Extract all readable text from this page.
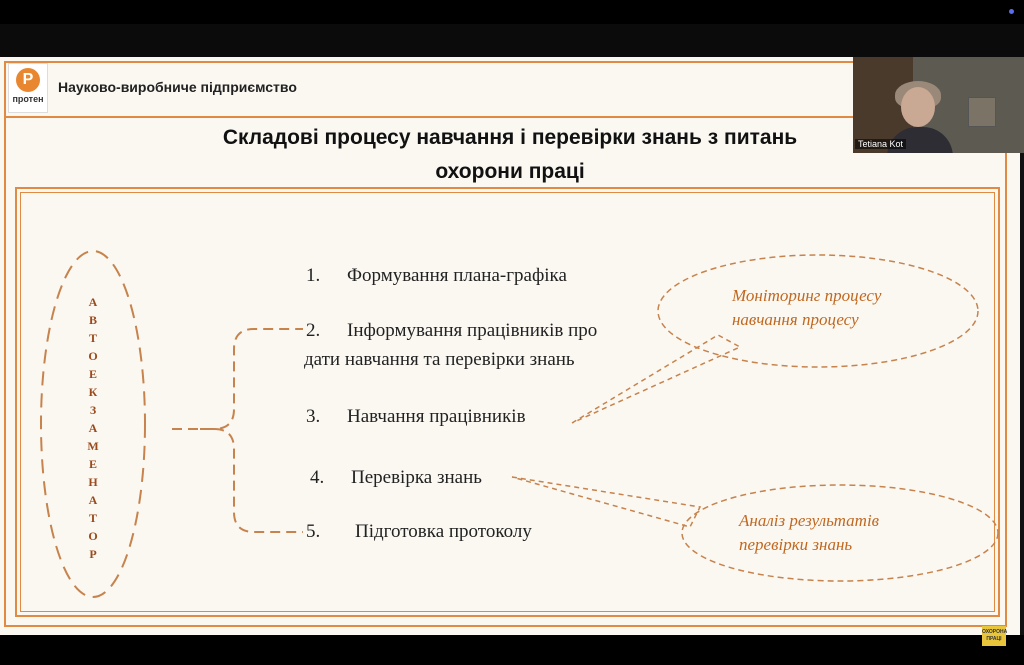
P
протен
Науково-виробниче підприємство
Складові процесу навчання і перевірки знань з питань
охорони праці
А
В
Т
О
Е
К
З
А
М
Е
Н
А
Т
О
Р
1. Формування плана-графіка
2. Інформування працівників про
дати навчання та перевірки знань
3. Навчання працівників
4. Перевірка знань
5. Підготовка протоколу
Моніторинг процесу
навчання процесу
Аналіз результатів
перевірки знань
Tetiana Kot
ОХОРОНА ПРАЦІ
